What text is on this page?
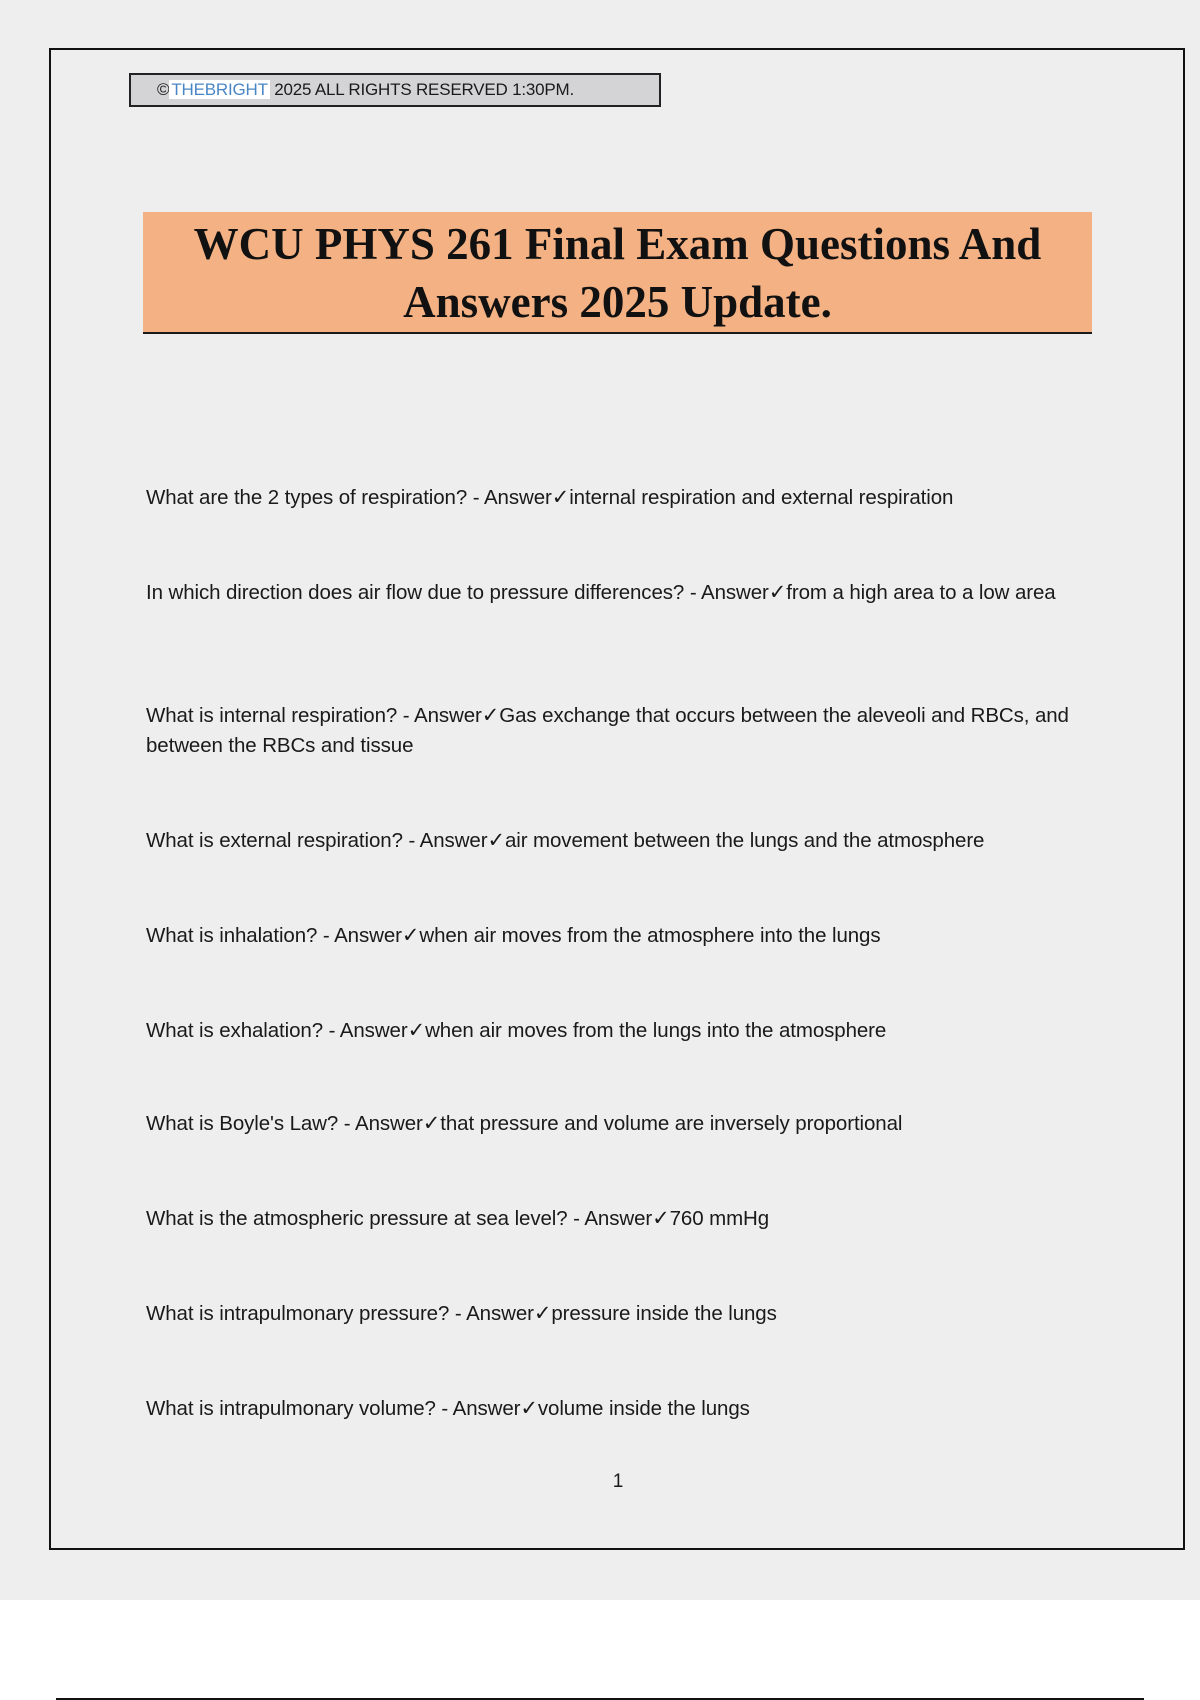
© THEBRIGHT 2025 ALL RIGHTS RESERVED 1:30PM.
WCU PHYS 261 Final Exam Questions And
Answers 2025 Update.
What are the 2 types of respiration? - Answer✓internal respiration and external respiration
In which direction does air flow due to pressure differences? - Answer✓from a high area to a low area
What is internal respiration? - Answer✓Gas exchange that occurs between the aleveoli and RBCs, and between the RBCs and tissue
What is external respiration? - Answer✓air movement between the lungs and the atmosphere
What is inhalation? - Answer✓when air moves from the atmosphere into the lungs
What is exhalation? - Answer✓when air moves from the lungs into the atmosphere
What is Boyle's Law? - Answer✓that pressure and volume are inversely proportional
What is the atmospheric pressure at sea level? - Answer✓760 mmHg
What is intrapulmonary pressure? - Answer✓pressure inside the lungs
What is intrapulmonary volume? - Answer✓volume inside the lungs
1
